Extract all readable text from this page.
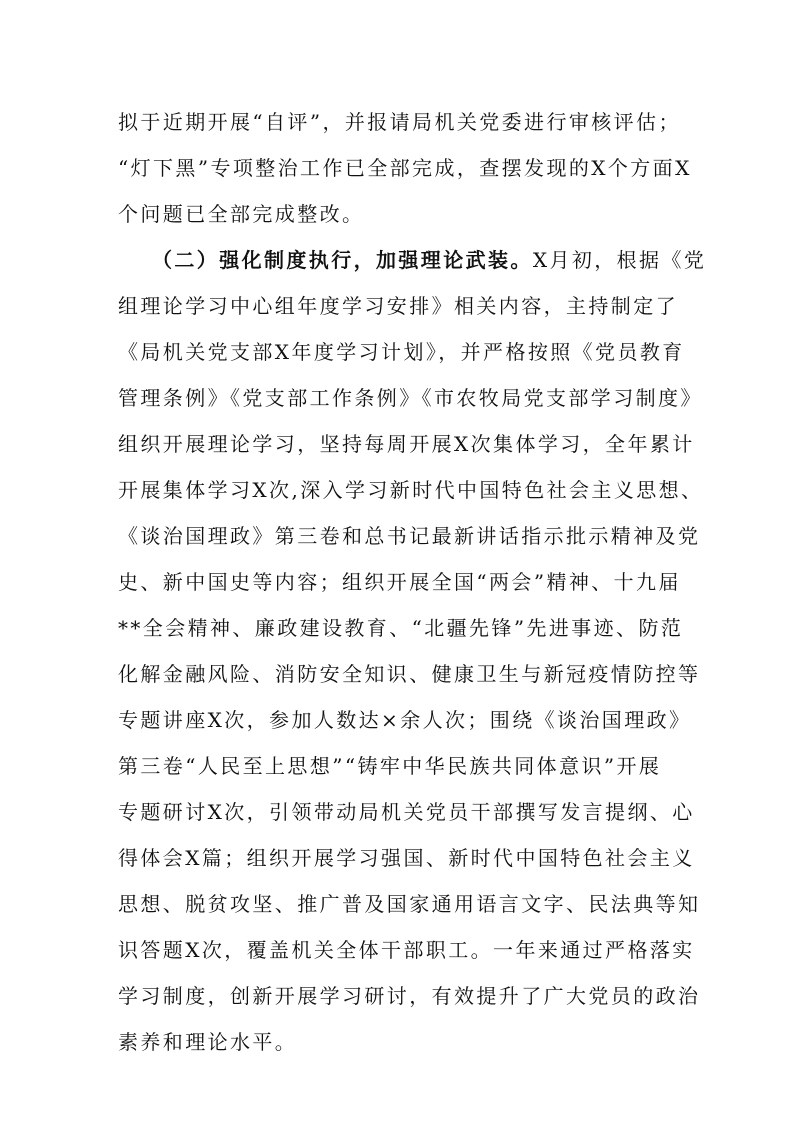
拟于近期开展“自评”，并报请局机关党委进行审核评估；
“灯下黑”专项整治工作已全部完成，查摆发现的X个方面X
个问题已全部完成整改。
（二）强化制度执行，加强理论武装。X月初，根据《党
组理论学习中心组年度学习安排》相关内容，主持制定了
《局机关党支部X年度学习计划》，并严格按照《党员教育
管理条例》《党支部工作条例》《市农牧局党支部学习制度》
组织开展理论学习，坚持每周开展X次集体学习，全年累计
开展集体学习X次,深入学习新时代中国特色社会主义思想、
《谈治国理政》第三卷和总书记最新讲话指示批示精神及党
史、新中国史等内容；组织开展全国“两会”精神、十九届
**全会精神、廉政建设教育、“北疆先锋”先进事迹、防范
化解金融风险、消防安全知识、健康卫生与新冠疫情防控等
专题讲座X次，参加人数达×余人次；围绕《谈治国理政》
第三卷“人民至上思想”“铸牢中华民族共同体意识”开展
专题研讨X次，引领带动局机关党员干部撰写发言提纲、心
得体会X篇；组织开展学习强国、新时代中国特色社会主义
思想、脱贫攻坚、推广普及国家通用语言文字、民法典等知
识答题X次，覆盖机关全体干部职工。一年来通过严格落实
学习制度，创新开展学习研讨，有效提升了广大党员的政治
素养和理论水平。
